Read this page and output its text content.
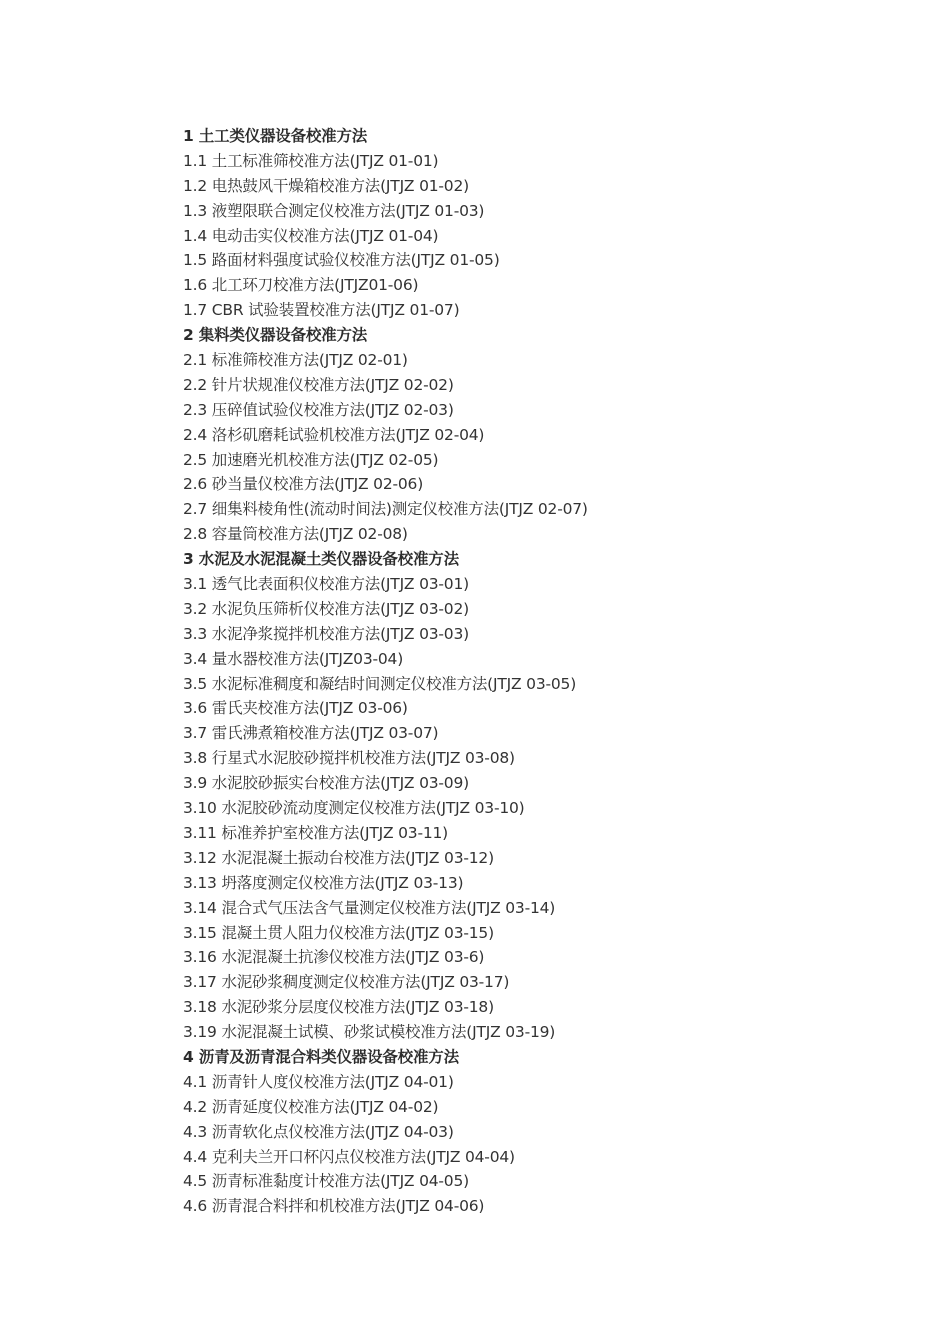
1 土工类仪器设备校准方法
1.1 土工标准筛校准方法(JTJZ 01-01)
1.2 电热鼓风干燥箱校准方法(JTJZ 01-02)
1.3 液塑限联合测定仪校准方法(JTJZ 01-03)
1.4 电动击实仪校准方法(JTJZ 01-04)
1.5 路面材料强度试验仪校准方法(JTJZ 01-05)
1.6 北工环刀校准方法(JTJZ01-06)
1.7 CBR 试验装置校准方法(JTJZ 01-07)
2 集料类仪器设备校准方法
2.1 标准筛校准方法(JTJZ 02-01)
2.2 针片状规准仪校准方法(JTJZ 02-02)
2.3 压碎值试验仪校准方法(JTJZ 02-03)
2.4 洛杉矶磨耗试验机校准方法(JTJZ 02-04)
2.5 加速磨光机校准方法(JTJZ 02-05)
2.6 砂当量仪校准方法(JTJZ 02-06)
2.7 细集料棱角性(流动时间法)测定仪校准方法(JTJZ 02-07)
2.8 容量筒校准方法(JTJZ 02-08)
3 水泥及水泥混凝土类仪器设备校准方法
3.1 透气比表面积仪校准方法(JTJZ 03-01)
3.2 水泥负压筛析仪校准方法(JTJZ 03-02)
3.3 水泥净浆搅拌机校准方法(JTJZ 03-03)
3.4 量水器校准方法(JTJZ03-04)
3.5 水泥标准稠度和凝结时间测定仪校准方法(JTJZ 03-05)
3.6 雷氏夹校准方法(JTJZ 03-06)
3.7 雷氏沸煮箱校准方法(JTJZ 03-07)
3.8 行星式水泥胶砂搅拌机校准方法(JTJZ 03-08)
3.9 水泥胶砂振实台校准方法(JTJZ 03-09)
3.10 水泥胶砂流动度测定仪校准方法(JTJZ 03-10)
3.11 标准养护室校准方法(JTJZ 03-11)
3.12 水泥混凝土振动台校准方法(JTJZ 03-12)
3.13 坍落度测定仪校准方法(JTJZ 03-13)
3.14 混合式气压法含气量测定仪校准方法(JTJZ 03-14)
3.15 混凝土贯人阻力仪校准方法(JTJZ 03-15)
3.16 水泥混凝土抗渗仪校准方法(JTJZ 03-6)
3.17 水泥砂浆稠度测定仪校准方法(JTJZ 03-17)
3.18 水泥砂浆分层度仪校准方法(JTJZ 03-18)
3.19 水泥混凝土试模、砂浆试模校准方法(JTJZ 03-19)
4 沥青及沥青混合料类仪器设备校准方法
4.1 沥青针人度仪校准方法(JTJZ 04-01)
4.2 沥青延度仪校准方法(JTJZ 04-02)
4.3 沥青软化点仪校准方法(JTJZ 04-03)
4.4 克利夫兰开口杯闪点仪校准方法(JTJZ 04-04)
4.5 沥青标准黏度计校准方法(JTJZ 04-05)
4.6 沥青混合料拌和机校准方法(JTJZ 04-06)
